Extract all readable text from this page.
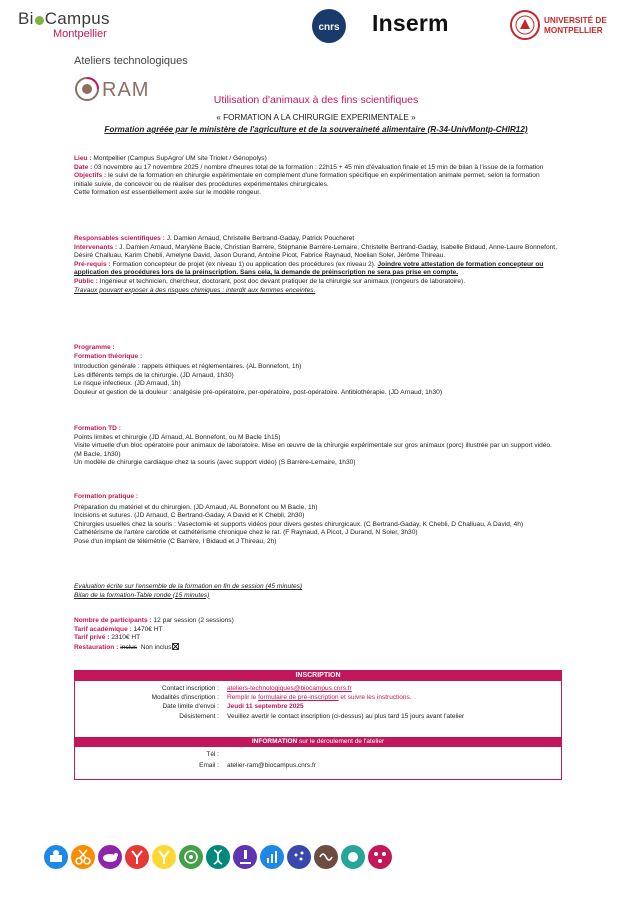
Bi Campus
Montpellier
cnrs Inserm	UNIVERSITÉ DE
MONTPELLIER
Ateliers technologiques
RAM	Utilisation d'animaux à des fins scientifiques
« FORMATION A LA CHIRURGIE EXPERIMENTALE »
Formation agréée par le ministère de l'agriculture et de la souveraineté alimentaire (R-34-UnivMontp-CHIR12)

Lieu : Montpellier (Campus SupAgro/ UM site Triolet / Génopolys)

Date : 03 novembre au 17 novembre 2025 / nombre d'heures total de la formation : 22h15 + 45 min d'évaluation finale et 15 min de bilan à l'issue de la formation

Objectifs : le suivi de la formation en chirurgie expérimentale en complément d'une formation spécifique en expérimentation animale permet, selon la formation initiale suivie, de concevoir ou de réaliser des procédures expérimentales chirurgicales.

Cette formation est essentiellement axée sur le modèle rongeur.

Responsables scientifiques : J. Damien Arnaud, Christelle Bertrand-Gaday, Patrick Poucheret

Intervenants : J. Damien Arnaud, Marylène Bacle, Christian Barrère, Stéphanie Barrère-Lemaire, Christelle Bertrand-Gaday, Isabelle Bidaud, Anne-Laure Bonnefont, Désiré Challuau, Karim Chebli, Amelyne David, Jason Durand, Antoine Picot, Fabrice Raynaud, Noelian Soler, Jérôme Thireau.

Pré-requis : Formation concepteur de projet (ex niveau 1) ou application des procédures (ex niveau 2). Joindre votre attestation de formation concepteur ou application des procédures lors de la préinscription. Sans cela, la demande de préinscription ne sera pas prise en compte.

Public : Ingénieur et technicien, chercheur, doctorant, post doc devant pratiquer de la chirurgie sur animaux (rongeurs de laboratoire).

Travaux pouvant exposer à des risques chimiques : interdit aux femmes enceintes.

Programme :

Formation théorique :

Introduction générale : rappels éthiques et réglementaires. (AL Bonnefont, 1h)

Les différents temps de la chirurgie. (JD Arnaud, 1h30)

Le risque infectieux. (JD Arnaud, 1h)

Douleur et gestion de la douleur : analgésie pré-opératoire, per-opératoire, post-opératoire. Antibiothérapie. (JD Arnaud, 1h30)

Formation TD :

Points limites et chirurgie (JD Arnaud, AL Bonnefont, ou M Bacle 1h15)

Visite virtuelle d'un bloc opératoire pour animaux de laboratoire. Mise en œuvre de la chirurgie expérimentale sur gros animaux (porc) illustrée par un support vidéo. (M Bacle, 1h30)

Un modèle de chirurgie cardiaque chez la souris (avec support vidéo) (S Barrère-Lemaire, 1h30)

Formation pratique :

Préparation du matériel et du chirurgien. (JD Arnaud, AL Bonnefont ou M Bacle, 1h)

Incisions et sutures. (JD Arnaud, C Bertrand-Gaday, A David et K Chebli, 2h30)

Chirurgies usuelles chez la souris : Vasectomie et supports vidéos pour divers gestes chirurgicaux. (C Bertrand-Gaday, K Chebli, D Challuau, A David, 4h)

Cathétérisme de l'artère carotide et cathétérisme chronique chez le rat. (F Raynaud, A Picot, J Durand, N Soler, 3h30)

Pose d'un implant de télémétrie (C Barrère, I Bidaud et J Thireau, 2h)

Evaluation écrite sur l'ensemble de la formation en fin de session (45 minutes)

Bilan de la formation-Table ronde (15 minutes)

Nombre de participants : 12 par session (2 sessions)

Tarif académique : 1470€ HT

Tarif privé : 2310€ HT

Restauration : inclus Non inclus

INSCRIPTION
Contact inscription : ateliers-technologiques@biocampus.cnrs.fr
Modalités d'inscription : Remplir le formulaire de pré-inscription et suivre les instructions.
Date limite d'envoi : Jeudi 11 septembre 2025
Désistement : Veuillez avertir le contact inscription (ci-dessus) au plus tard 15 jours avant l'atelier
INFORMATION sur le déroulement de l'atelier
Tél :
Email : atelier-ram@biocampus.cnrs.fr
